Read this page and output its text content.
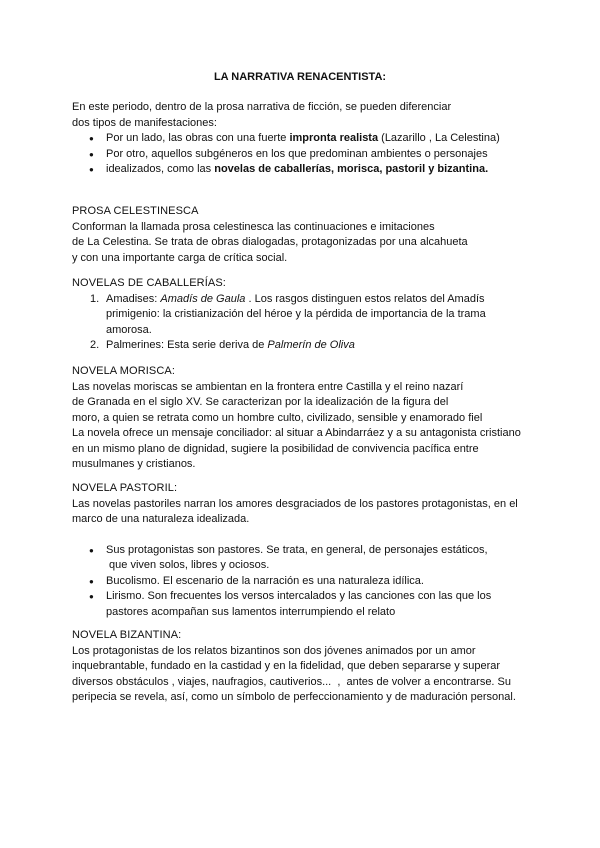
LA NARRATIVA RENACENTISTA:

En este periodo, dentro de la prosa narrativa de ficción, se pueden diferenciar

dos tipos de manifestaciones:

● Por un lado, las obras con una fuerte impronta realista (Lazarillo , La Celestina)
● Por otro, aquellos subgéneros en los que predominan ambientes o personajes
● idealizados, como las novelas de caballerías, morisca, pastoril y bizantina.

PROSA CELESTINESCA

Conforman la llamada prosa celestinesca las continuaciones e imitaciones

de La Celestina. Se trata de obras dialogadas, protagonizadas por una alcahueta

y con una importante carga de crítica social.

NOVELAS DE CABALLERÍAS:

1. Amadises: Amadís de Gaula . Los rasgos distinguen estos relatos del Amadís
primigenio: la cristianización del héroe y la pérdida de importancia de la trama
amorosa.
2. Palmerines: Esta serie deriva de Palmerín de Oliva

NOVELA MORISCA:

Las novelas moriscas se ambientan en la frontera entre Castilla y el reino nazarí

de Granada en el siglo XV. Se caracterizan por la idealización de la figura del

moro, a quien se retrata como un hombre culto, civilizado, sensible y enamorado fiel

La novela ofrece un mensaje conciliador: al situar a Abindarráez y a su antagonista cristiano

en un mismo plano de dignidad, sugiere la posibilidad de convivencia pacífica entre

musulmanes y cristianos.

NOVELA PASTORIL:

Las novelas pastoriles narran los amores desgraciados de los pastores protagonistas, en el

marco de una naturaleza idealizada.

● Sus protagonistas son pastores. Se trata, en general, de personajes estáticos,
que viven solos, libres y ociosos.
● Bucolismo. El escenario de la narración es una naturaleza idílica.
● Lirismo. Son frecuentes los versos intercalados y las canciones con las que los
pastores acompañan sus lamentos interrumpiendo el relato

NOVELA BIZANTINA:

Los protagonistas de los relatos bizantinos son dos jóvenes animados por un amor

inquebrantable, fundado en la castidad y en la fidelidad, que deben separarse y superar

diversos obstáculos , viajes, naufragios, cautiverios...  ,  antes de volver a encontrarse. Su

peripecia se revela, así, como un símbolo de perfeccionamiento y de maduración personal.
